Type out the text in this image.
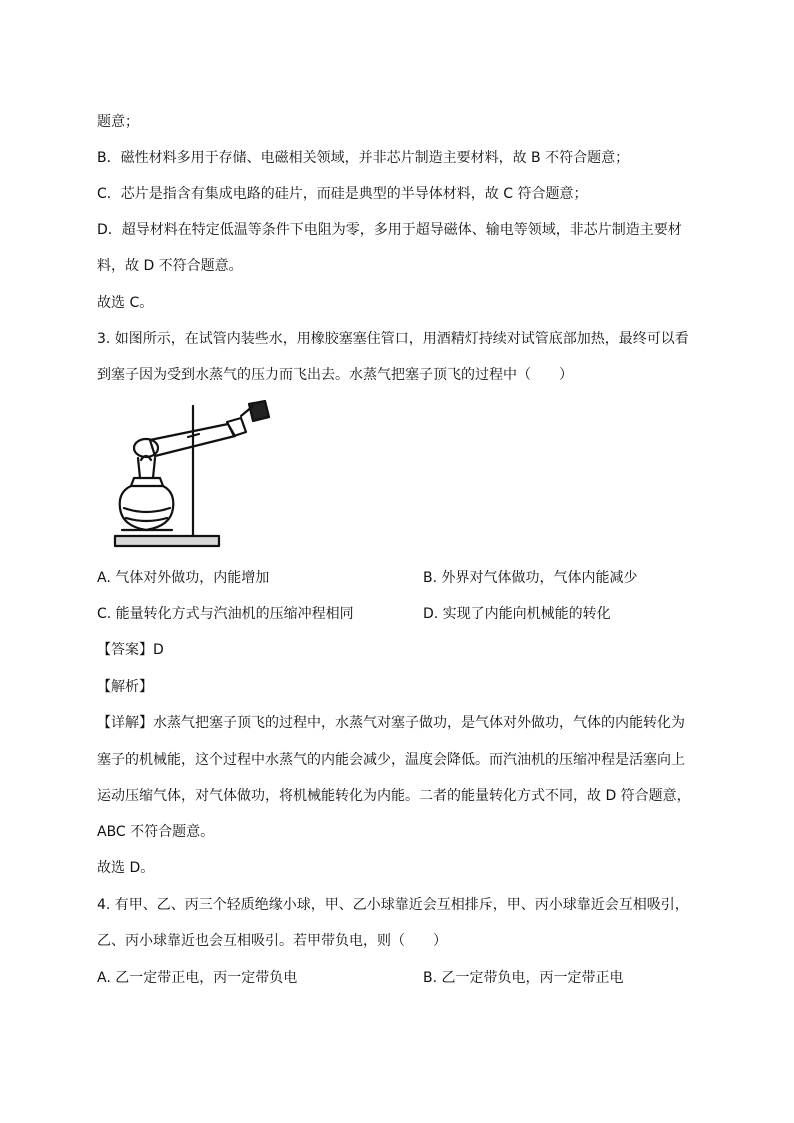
题意；
B．磁性材料多用于存储、电磁相关领域，并非芯片制造主要材料，故 B 不符合题意；
C．芯片是指含有集成电路的硅片，而硅是典型的半导体材料，故 C 符合题意；
D．超导材料在特定低温等条件下电阻为零，多用于超导磁体、输电等领域，非芯片制造主要材
料，故 D 不符合题意。
故选 C。
3. 如图所示，在试管内装些水，用橡胶塞塞住管口，用酒精灯持续对试管底部加热，最终可以看
到塞子因为受到水蒸气的压力而飞出去。水蒸气把塞子顶飞的过程中（　　）
A. 气体对外做功，内能增加	B. 外界对气体做功，气体内能减少
C. 能量转化方式与汽油机的压缩冲程相同	D. 实现了内能向机械能的转化
【答案】D
【解析】
【详解】水蒸气把塞子顶飞的过程中，水蒸气对塞子做功，是气体对外做功，气体的内能转化为
塞子的机械能，这个过程中水蒸气的内能会减少，温度会降低。而汽油机的压缩冲程是活塞向上
运动压缩气体，对气体做功，将机械能转化为内能。二者的能量转化方式不同，故 D 符合题意，
ABC 不符合题意。
故选 D。
4. 有甲、乙、丙三个轻质绝缘小球，甲、乙小球靠近会互相排斥，甲、丙小球靠近会互相吸引，
乙、丙小球靠近也会互相吸引。若甲带负电，则（　　）
A. 乙一定带正电，丙一定带负电	B. 乙一定带负电，丙一定带正电
